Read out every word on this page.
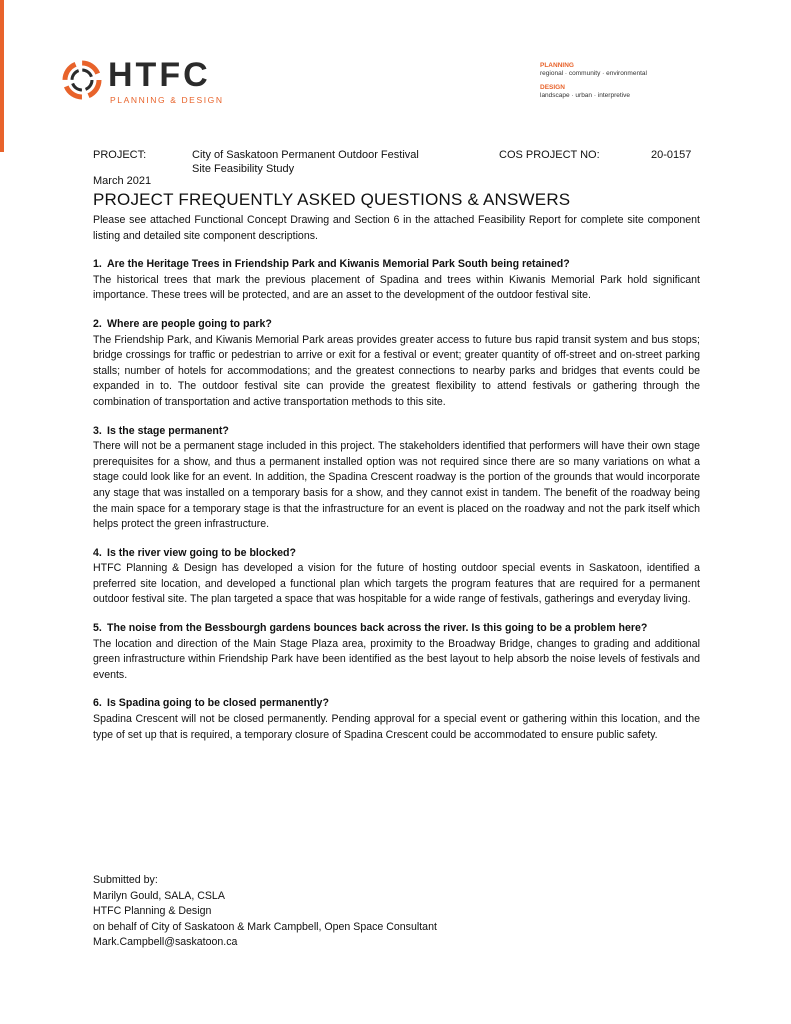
HTFC
PLANNING & DESIGN
PLANNING
regional · community · environmental
DESIGN
landscape · urban · interpretive
PROJECT:	City of Saskatoon Permanent Outdoor Festival
Site Feasibility Study
COS PROJECT NO:	20-0157
March 2021
PROJECT FREQUENTLY ASKED QUESTIONS & ANSWERS

Please see attached Functional Concept Drawing and Section 6 in the attached Feasibility Report for complete site component listing and detailed site component descriptions.

1. Are the Heritage Trees in Friendship Park and Kiwanis Memorial Park South being retained?

The historical trees that mark the previous placement of Spadina and trees within Kiwanis Memorial Park hold significant importance. These trees will be protected, and are an asset to the development of the outdoor festival site.

2. Where are people going to park?

The Friendship Park, and Kiwanis Memorial Park areas provides greater access to future bus rapid transit system and bus stops; bridge crossings for traffic or pedestrian to arrive or exit for a festival or event; greater quantity of off-street and on-street parking stalls; number of hotels for accommodations; and the greatest connections to nearby parks and bridges that events could be expanded in to. The outdoor festival site can provide the greatest flexibility to attend festivals or gathering through the combination of transportation and active transportation methods to this site.

3. Is the stage permanent?

There will not be a permanent stage included in this project. The stakeholders identified that performers will have their own stage prerequisites for a show, and thus a permanent installed option was not required since there are so many variations on what a stage could look like for an event. In addition, the Spadina Crescent roadway is the portion of the grounds that would incorporate any stage that was installed on a temporary basis for a show, and they cannot exist in tandem. The benefit of the roadway being the main space for a temporary stage is that the infrastructure for an event is placed on the roadway and not the park itself which helps protect the green infrastructure.

4. Is the river view going to be blocked?

HTFC Planning & Design has developed a vision for the future of hosting outdoor special events in Saskatoon, identified a preferred site location, and developed a functional plan which targets the program features that are required for a permanent outdoor festival site. The plan targeted a space that was hospitable for a wide range of festivals, gatherings and everyday living.

5. The noise from the Bessbourgh gardens bounces back across the river. Is this going to be a problem here?

The location and direction of the Main Stage Plaza area, proximity to the Broadway Bridge, changes to grading and additional green infrastructure within Friendship Park have been identified as the best layout to help absorb the noise levels of festivals and events.

6. Is Spadina going to be closed permanently?

Spadina Crescent will not be closed permanently. Pending approval for a special event or gathering within this location, and the type of set up that is required, a temporary closure of Spadina Crescent could be accommodated to ensure public safety.

Submitted by:
Marilyn Gould, SALA, CSLA
HTFC Planning & Design
on behalf of City of Saskatoon & Mark Campbell, Open Space Consultant
Mark.Campbell@saskatoon.ca
